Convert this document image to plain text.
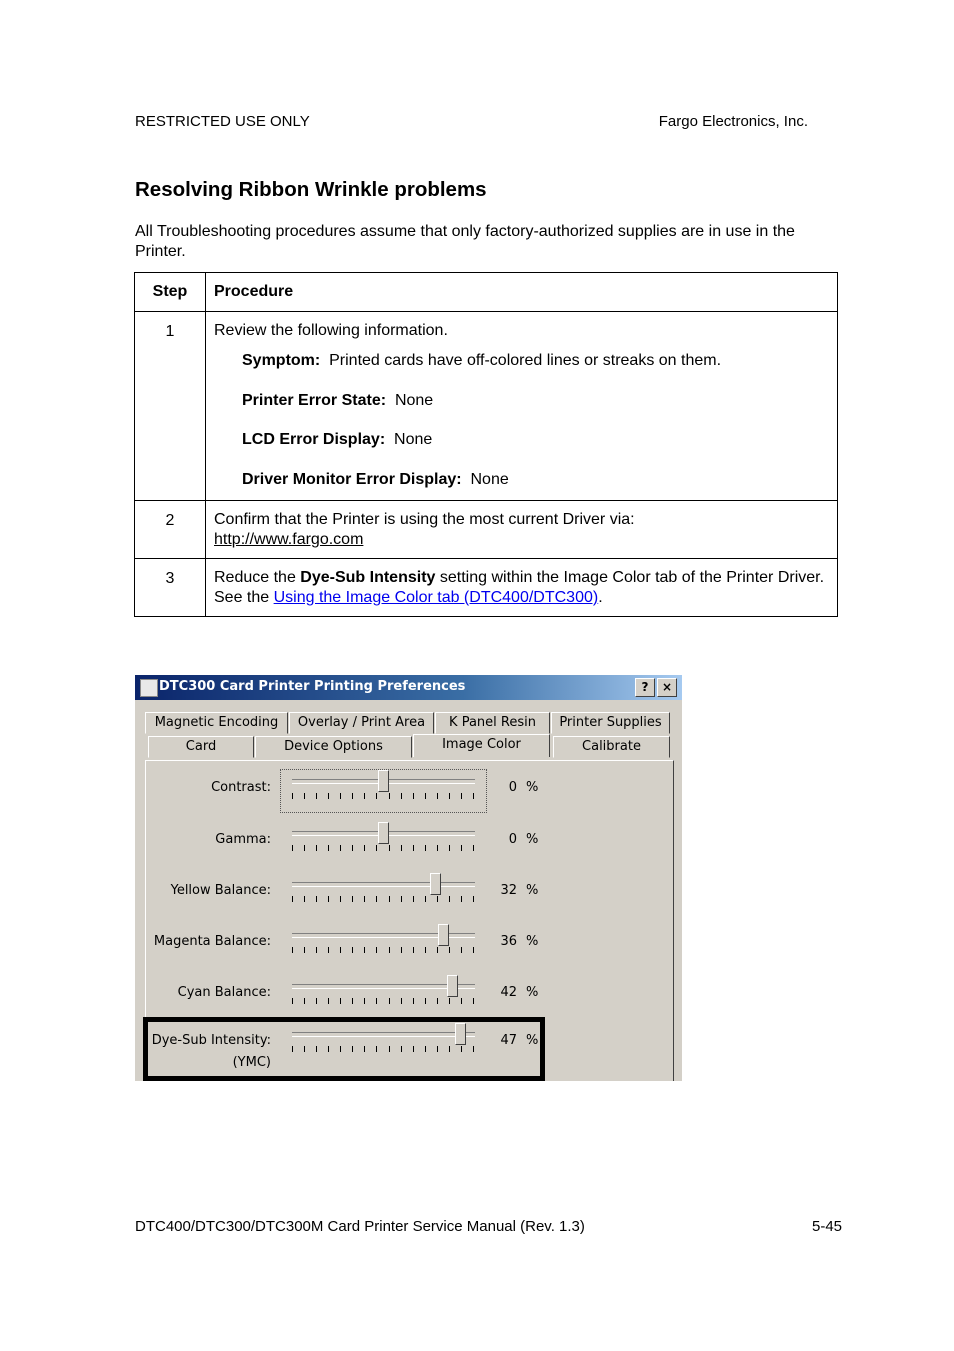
RESTRICTED USE ONLY	Fargo Electronics, Inc.
Resolving Ribbon Wrinkle problems
All Troubleshooting procedures assume that only factory-authorized supplies are in use in the Printer.
Step	Procedure
1	Review the following information.

Symptom: Printed cards have off-colored lines or streaks on them.

Printer Error State: None

LCD Error Display: None

Driver Monitor Error Display: None

2	Confirm that the Printer is using the most current Driver via:
http://www.fargo.com
3	Reduce the Dye-Sub Intensity setting within the Image Color tab of the Printer Driver. See the Using the Image Color tab (DTC400/DTC300).
DTC300 Card Printer Printing Preferences	?	×
Magnetic Encoding	Overlay / Print Area	K Panel Resin	Printer Supplies
Card	Device Options	Image Color	Calibrate
Contrast:	0 %
Gamma:	0 %
Yellow Balance:	32 %
Magenta Balance:	36 %
Cyan Balance:	42 %
Dye-Sub Intensity:	47 %
(YMC)
DTC400/DTC300/DTC300M Card Printer Service Manual (Rev. 1.3)	5-45
